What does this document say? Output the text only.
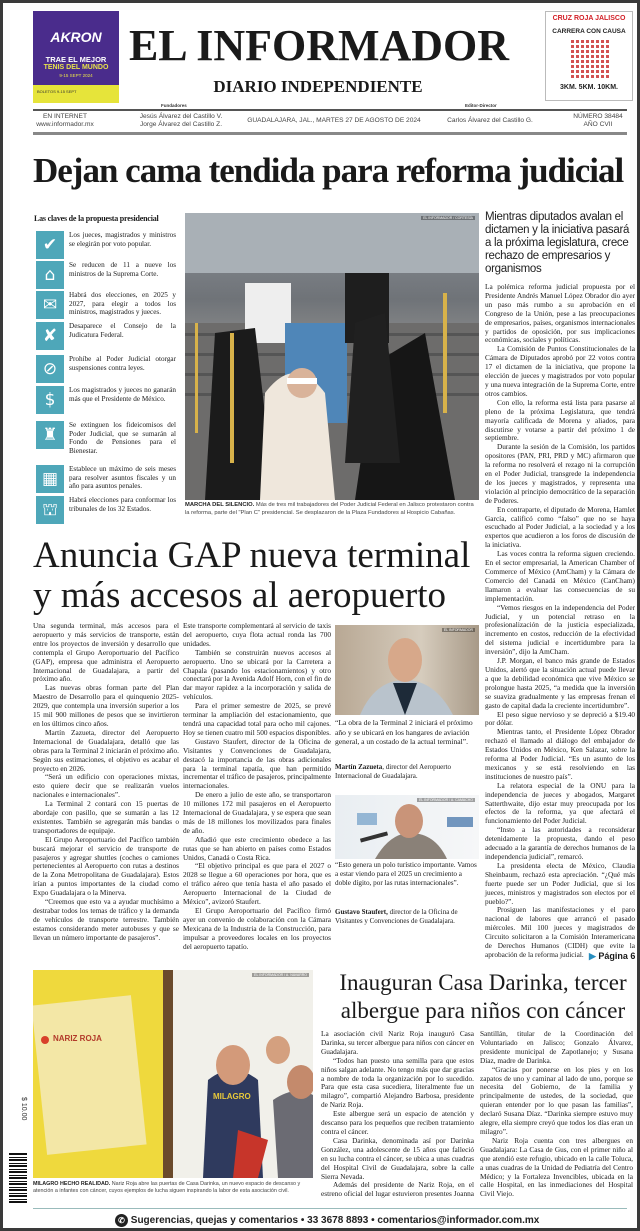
AKRON
TRAE EL MEJOR
TENIS DEL MUNDO
9-15 SEPT 2024
BOLETOS 9-15 SEPT
EL INFORMADOR
DIARIO INDEPENDIENTE
CRUZ ROJA JALISCO
CARRERA CON CAUSA
3KM. 5KM. 10KM.
Fundadores	Editor-Director
EN INTERNET
www.informador.mx
Jesús Álvarez del Castillo V.
Jorge Álvarez del Castillo Z.
GUADALAJARA, JAL., MARTES 27 DE AGOSTO DE 2024	Carlos Álvarez del Castillo G.
NÚMERO 38484
AÑO CVII
Dejan cama tendida para reforma judicial
Las claves de la propuesta presidencial
✔	Los jueces, magistrados y ministros se elegirán por voto popular.
⌂	Se reducen de 11 a nueve los ministros de la Suprema Corte.
✉	Habrá dos elecciones, en 2025 y 2027, para elegir a todos los ministros, magistrados y jueces.
✘	Desaparece el Consejo de la Judicatura Federal.
⊘	Prohíbe al Poder Judicial otorgar suspensiones contra leyes.
$	Los magistrados y jueces no ganarán más que el Presidente de México.
♜	Se extinguen los fideicomisos del Poder Judicial, que se sumarán al Fondo de Pensiones para el Bienestar.
▦	Establece un máximo de seis meses para resolver asuntos fiscales y un año para asuntos penales.
⛫	Habrá elecciones para conformar los tribunales de los 32 Estados.
EL INFORMADOR / CORTESÍA
MARCHA DEL SILENCIO. Más de tres mil trabajadores del Poder Judicial Federal en Jalisco protestaron contra la reforma, parte del "Plan C" presidencial. Se desplazaron de la Plaza Fundadores al Hospicio Cabañas.
Mientras diputados avalan el dictamen y la iniciativa pasará a la próxima legislatura, crece rechazo de empresarios y organismos

La polémica reforma judicial propuesta por el Presidente Andrés Manuel López Obrador dio ayer un paso más rumbo a su aprobación en el Congreso de la Unión, pese a las preocupaciones de empresarios, países, organismos internacionales y partidos de oposición, por sus implicaciones económicas, sociales y políticas.

La Comisión de Puntos Constitucionales de la Cámara de Diputados aprobó por 22 votos contra 17 el dictamen de la iniciativa, que propone la elección de jueces y magistrados por voto popular y una nueva integración de la Suprema Corte, entre otros cambios.

Con ello, la reforma está lista para pasarse al pleno de la próxima Legislatura, que tendrá mayoría calificada de Morena y aliados, para discutirse y votarse a partir del próximo 1 de septiembre.

Durante la sesión de la Comisión, los partidos opositores (PAN, PRI, PRD y MC) afirmaron que la reforma no resolverá el rezago ni la corrupción en el Poder Judicial, transgrede la independencia de los jueces y magistrados, y representa una violación al principio democrático de la separación de Poderes.

En contraparte, el diputado de Morena, Hamlet García, calificó como “falso” que no se haya escuchado al Poder Judicial, a la sociedad y a los expertos que acudieron a los foros de discusión de la iniciativa.

Las voces contra la reforma siguen creciendo. En el sector empresarial, la American Chamber of Commerce of México (AmCham) y la Cámara de Comercio del Canadá en México (CanCham) llamaron a evaluar las consecuencias de su implementación.

“Vemos riesgos en la independencia del Poder Judicial, y un potencial retraso en la profesionalización de la justicia especializada, incremento en costos, reducción de la efectividad del sistema judicial e incertidumbre para la inversión”, dijo la AmCham.

J.P. Morgan, el banco más grande de Estados Unidos, alertó que la situación actual puede llevar a que la debilidad económica que vive México se prolongue hasta 2025, “a medida que la inversión se suaviza gradualmente y las empresas frenan el gasto de capital dada la creciente incertidumbre”.

El peso sigue nervioso y se depreció a $19.40 por dólar.

Mientras tanto, el Presidente López Obrador rechazó el llamado al diálogo del embajador de Estados Unidos en México, Ken Salazar, sobre la reforma al Poder Judicial. “Es un asunto de los mexicanos y se está resolviendo en las instituciones de nuestro país”.

La relatora especial de la ONU para la independencia de jueces y abogados, Margaret Satterthwaite, dijo estar muy preocupada por los efectos de la reforma, ya que afectará el funcionamiento del Poder Judicial.

“Insto a las autoridades a reconsiderar detenidamente la propuesta, dando el peso adecuado a la garantía de derechos humanos de la independencia judicial”, remarcó.

La presidenta electa de México, Claudia Sheinbaum, rechazó esta apreciación. “¿Qué más fuerte puede ser un Poder Judicial, que si los jueces, ministros y magistrados son electos por el pueblo?”.

Prosiguen las manifestaciones y el paro nacional de labores que arrancó el pasado miércoles. Mil 100 jueces y magistrados de Circuito solicitaron a la Comisión Interamericana de Derechos Humanos (CIDH) que evite la aprobación de la reforma judicial. ▶ Página 6
Anuncia GAP nueva terminal
y más accesos al aeropuerto

Una segunda terminal, más accesos para el aeropuerto y más servicios de transporte, están entre los proyectos de inversión y desarrollo que contempla el Grupo Aeroportuario del Pacífico (GAP), empresa que administra el Aeropuerto Internacional de Guadalajara, a partir del próximo año.

Las nuevas obras forman parte del Plan Maestro de Desarrollo para el quinquenio 2025-2029, que contempla una inversión superior a los 15 mil 900 millones de pesos que se invirtieron en los últimos cinco años.

Martín Zazueta, director del Aeropuerto Internacional de Guadalajara, detalló que las obras para la Terminal 2 iniciarán el próximo año. Según sus estimaciones, el objetivo es acabar el proyecto en 2026.

“Será un edificio con operaciones mixtas, esto quiere decir que se realizarán vuelos nacionales e internacionales”.

La Terminal 2 contará con 15 puertas de abordaje con pasillo, que se sumarán a las 12 existentes. También se agregarán más bandas o transportadores de equipaje.

El Grupo Aeroportuario del Pacífico también buscará mejorar el servicio de transporte de pasajeros y agregar shuttles (coches o camiones pertenecientes al Aeropuerto con rutas a destinos de la Zona Metropolitana de Guadalajara). Estos irían a puntos importantes de la ciudad como Expo Guadalajara o la Minerva.

“Creemos que esto va a ayudar muchísimo a destrabar todos los temas de tráfico y la demanda de vehículos de transporte terrestre. También estamos considerando meter autobuses y que se llevan un número importante de pasajeros”.

Este transporte complementará al servicio de taxis del aeropuerto, cuya flota actual ronda las 700 unidades.

También se construirán nuevos accesos al aeropuerto. Uno se ubicará por la Carretera a Chapala (pasando los estacionamientos) y otro conectará por la Avenida Adolf Horn, con el fin de dar mayor rapidez a la incorporación y salida de vehículos.

Para el primer semestre de 2025, se prevé terminar la ampliación del estacionamiento, que tendrá una capacidad total para ocho mil cajones. Hoy se tienen cuatro mil 500 espacios disponibles.

Gustavo Staufert, director de la Oficina de Visitantes y Convenciones de Guadalajara, destacó la importancia de las obras adicionales para la terminal tapatía, que han permitido incrementar el tráfico de pasajeros, principalmente internacionales.

De enero a julio de este año, se transportaron 10 millones 172 mil pasajeros en el Aeropuerto Internacional de Guadalajara, y se espera que sean más de 18 millones los movilizados para finales de año.

Añadió que este crecimiento obedece a las rutas que se han abierto en países como Estados Unidos, Canadá o Costa Rica.

“El objetivo principal es que para el 2027 o 2028 se llegue a 60 operaciones por hora, que es el tráfico aéreo que tenía hasta el año pasado el Aeropuerto Internacional de la Ciudad de México”, avizoró Staufert.

El Grupo Aeroportuario del Pacífico firmó ayer un convenio de colaboración con la Cámara Mexicana de la Industria de la Construcción, para impulsar a proveedores locales en los proyectos del aeropuerto tapatío.

EL INFORMADOR
“La obra de la Terminal 2 iniciará el próximo año y se ubicará en los hangares de aviación general, a un costado de la actual terminal”.
Martín Zazueta, director del Aeropuerto Internacional de Guadalajara.
EL INFORMADOR / A. CAMACHO
“Esto genera un polo turístico importante. Vamos a estar viendo para el 2025 un crecimiento a doble dígito, por las rutas internacionales”.
Gustavo Staufert, director de la Oficina de Visitantes y Convenciones de Guadalajara.
NARIZ ROJA
MILAGRO
EL INFORMADOR / A. NAVARRO
MILAGRO HECHO REALIDAD. Nariz Roja abre las puertas de Casa Darinka, un nuevo espacio de descanso y atención a infantes con cáncer, cuyos ejemplos de lucha siguen inspirando la labor de esta asociación civil.
Inauguran Casa Darinka, tercer
albergue para niños con cáncer

La asociación civil Nariz Roja inauguró Casa Darinka, su tercer albergue para niños con cáncer en Guadalajara.

“Todos han puesto una semilla para que estos niños salgan adelante. No tengo más que dar gracias a nombre de toda la organización por lo sucedido. Para que esta casa sucediera, literalmente fue un milagro”, compartió Alejandro Barbosa, presidente de Nariz Roja.

Este albergue será un espacio de atención y descanso para los pequeños que reciben tratamiento contra el cáncer.

Casa Darinka, denominada así por Darinka González, una adolescente de 15 años que falleció en su lucha contra el cáncer, se ubica a unas cuadras del Hospital Civil de Guadalajara, sobre la calle Sierra Nevada.

Además del presidente de Nariz Roja, en el estreno oficial del lugar estuvieron presentes Joanna Santillán, titular de la Coordinación del Voluntariado en Jalisco; Gonzalo Álvarez, presidente municipal de Zapotlanejo; y Susana Díaz, madre de Darinka.

“Gracias por ponerse en los pies y en los zapatos de uno y caminar al lado de uno, porque se necesita del Gobierno, de la familia y principalmente de ustedes, de la sociedad, que quieran entender por lo que pasan las familias”, declaró Susana Díaz. “Darinka siempre estuvo muy alegre, ella siempre creyó que todos los días eran un milagro”.

Nariz Roja cuenta con tres albergues en Guadalajara: La Casa de Gus, con el primer niño al que atendió este refugio, ubicado en la calle Toluca, a unas cuadras de la Unidad de Pediatría del Centro Médico; y la Fortaleza Invencibles, ubicada en la calle Hospital, en las inmediaciones del Hospital Civil Viejo.

$ 10.00
✆ Sugerencias, quejas y comentarios • 33 3678 8893 • comentarios@informador.com.mx
